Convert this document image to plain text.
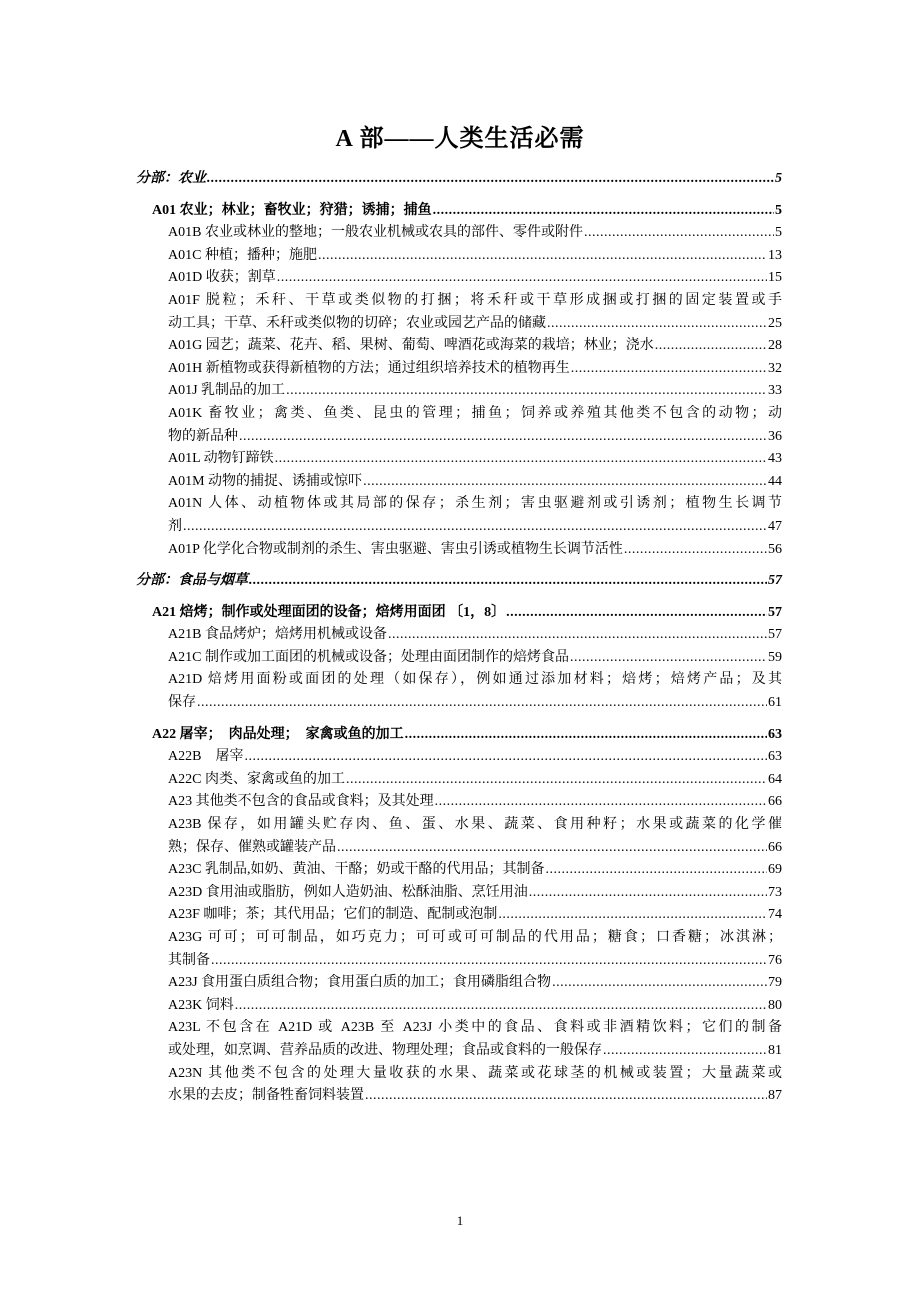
A 部——人类生活必需
分部：农业 .....	5
A01 农业；林业；畜牧业；狩猎；诱捕；捕鱼 .....	5
A01B 农业或林业的整地；一般农业机械或农具的部件、零件或附件 .....	5
A01C 种植；播种；施肥 .....	13
A01D 收获；割草 .....	15
A01F 脱粒；禾秆、干草或类似物的打捆；将禾秆或干草形成捆或打捆的固定装置或手
动工具；干草、禾秆或类似物的切碎；农业或园艺产品的储藏 .....	25
A01G 园艺；蔬菜、花卉、稻、果树、葡萄、啤酒花或海菜的栽培；林业；浇水 .....	28
A01H 新植物或获得新植物的方法；通过组织培养技术的植物再生 .....	32
A01J 乳制品的加工 .....	33
A01K 畜牧业；禽类、鱼类、昆虫的管理；捕鱼；饲养或养殖其他类不包含的动物；动
物的新品种 .....	36
A01L 动物钉蹄铁 .....	43
A01M 动物的捕捉、诱捕或惊吓 .....	44
A01N 人体、动植物体或其局部的保存；杀生剂；害虫驱避剂或引诱剂；植物生长调节
剂 .....	47
A01P 化学化合物或制剂的杀生、害虫驱避、害虫引诱或植物生长调节活性 .....	56
分部：食品与烟草 .....	57
A21 焙烤；制作或处理面团的设备；焙烤用面团 〔1，8〕 .....	57
A21B 食品烤炉；焙烤用机械或设备 .....	57
A21C 制作或加工面团的机械或设备；处理由面团制作的焙烤食品 .....	59
A21D 焙烤用面粉或面团的处理（如保存），例如通过添加材料；焙烤；焙烤产品；及其
保存 .....	61
A22 屠宰；　肉品处理；　家禽或鱼的加工 .....	63
A22B　屠宰 .....	63
A22C 肉类、家禽或鱼的加工 .....	64
A23 其他类不包含的食品或食料；及其处理 .....	66
A23B 保存，如用罐头贮存肉、鱼、蛋、水果、蔬菜、食用种籽；水果或蔬菜的化学催
熟；保存、催熟或罐装产品 .....	66
A23C 乳制品,如奶、黄油、干酪；奶或干酪的代用品；其制备 .....	69
A23D 食用油或脂肪，例如人造奶油、松酥油脂、烹饪用油 .....	73
A23F 咖啡；茶；其代用品；它们的制造、配制或泡制 .....	74
A23G 可可；可可制品，如巧克力；可可或可可制品的代用品；糖食；口香糖；冰淇淋；
其制备 .....	76
A23J 食用蛋白质组合物；食用蛋白质的加工；食用磷脂组合物 .....	79
A23K 饲料 .....	80
A23L 不包含在 A21D 或 A23B 至 A23J 小类中的食品、食料或非酒精饮料；它们的制备
或处理，如烹调、营养品质的改进、物理处理；食品或食料的一般保存 .....	81
A23N 其他类不包含的处理大量收获的水果、蔬菜或花球茎的机械或装置；大量蔬菜或
水果的去皮；制备牲畜饲料装置 .....	87
1
